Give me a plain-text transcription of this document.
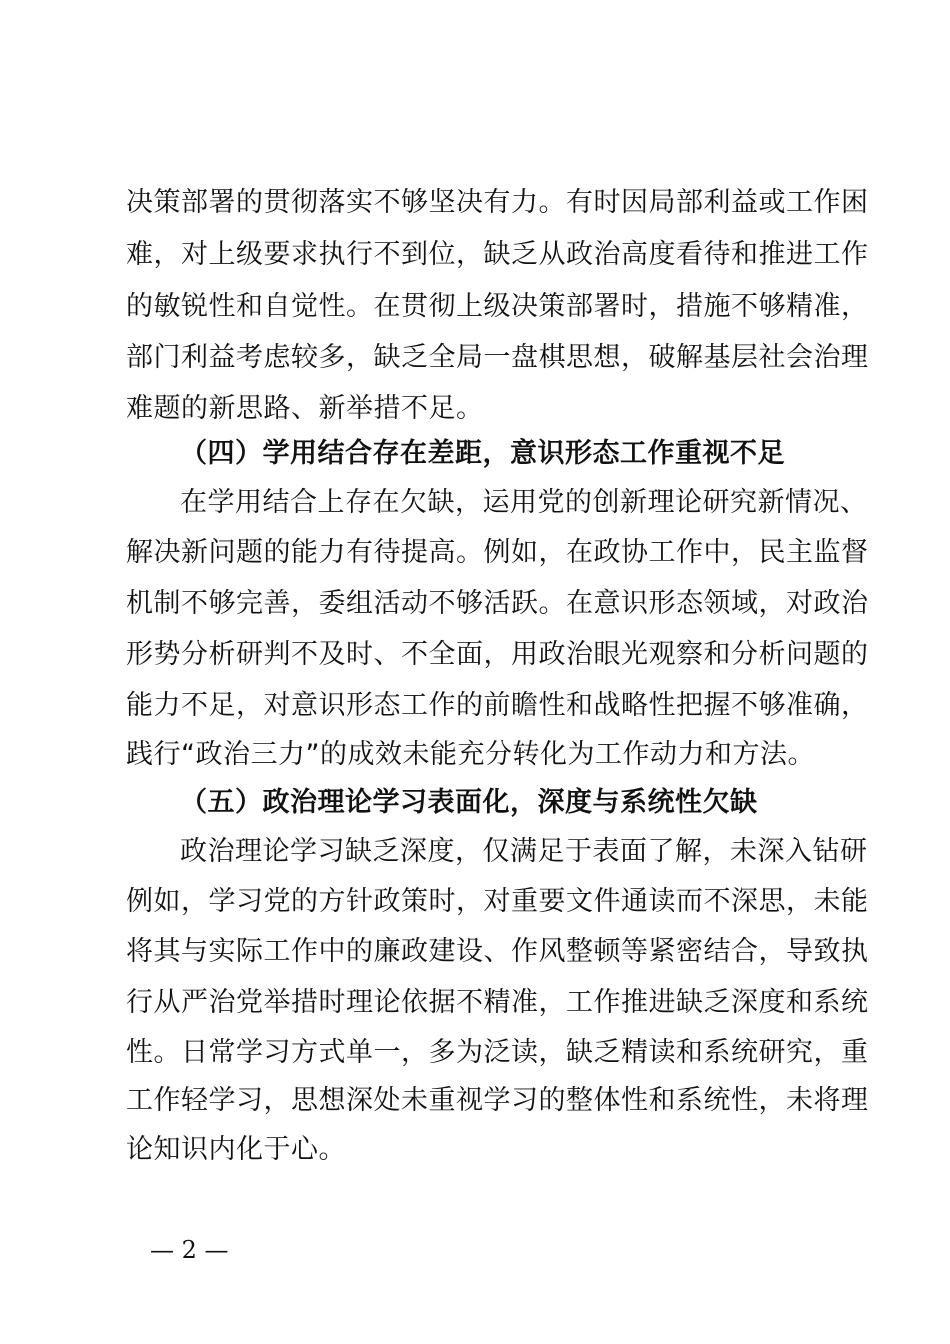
决策部署的贯彻落实不够坚决有力。有时因局部利益或工作困
难，对上级要求执行不到位，缺乏从政治高度看待和推进工作
的敏锐性和自觉性。在贯彻上级决策部署时，措施不够精准，
部门利益考虑较多，缺乏全局一盘棋思想，破解基层社会治理
难题的新思路、新举措不足。
（四）学用结合存在差距，意识形态工作重视不足
在学用结合上存在欠缺，运用党的创新理论研究新情况、
解决新问题的能力有待提高。例如，在政协工作中，民主监督
机制不够完善，委组活动不够活跃。在意识形态领域，对政治
形势分析研判不及时、不全面，用政治眼光观察和分析问题的
能力不足，对意识形态工作的前瞻性和战略性把握不够准确，
践行“政治三力”的成效未能充分转化为工作动力和方法。
（五）政治理论学习表面化，深度与系统性欠缺
政治理论学习缺乏深度，仅满足于表面了解，未深入钻研
例如，学习党的方针政策时，对重要文件通读而不深思，未能
将其与实际工作中的廉政建设、作风整顿等紧密结合，导致执
行从严治党举措时理论依据不精准，工作推进缺乏深度和系统
性。日常学习方式单一，多为泛读，缺乏精读和系统研究，重
工作轻学习，思想深处未重视学习的整体性和系统性，未将理
论知识内化于心。
— 2 —
